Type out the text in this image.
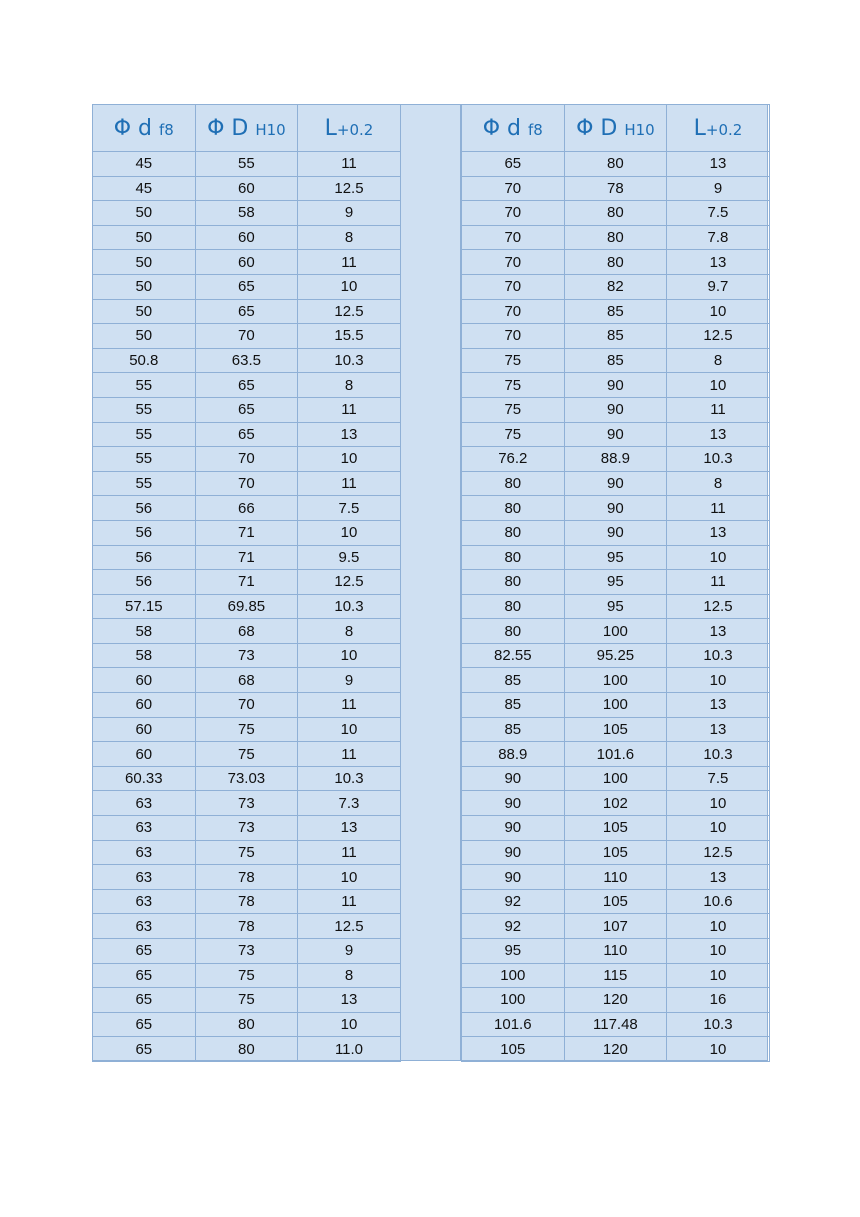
Φ d f8	Φ D H10	L+0.2
45	55	11
45	60	12.5
50	58	9
50	60	8
50	60	11
50	65	10
50	65	12.5
50	70	15.5
50.8	63.5	10.3
55	65	8
55	65	11
55	65	13
55	70	10
55	70	11
56	66	7.5
56	71	10
56	71	9.5
56	71	12.5
57.15	69.85	10.3
58	68	8
58	73	10
60	68	9
60	70	11
60	75	10
60	75	11
60.33	73.03	10.3
63	73	7.3
63	73	13
63	75	11
63	78	10
63	78	11
63	78	12.5
65	73	9
65	75	8
65	75	13
65	80	10
65	80	11.0
Φ d f8	Φ D H10	L+0.2
65	80	13
70	78	9
70	80	7.5
70	80	7.8
70	80	13
70	82	9.7
70	85	10
70	85	12.5
75	85	8
75	90	10
75	90	11
75	90	13
76.2	88.9	10.3
80	90	8
80	90	11
80	90	13
80	95	10
80	95	11
80	95	12.5
80	100	13
82.55	95.25	10.3
85	100	10
85	100	13
85	105	13
88.9	101.6	10.3
90	100	7.5
90	102	10
90	105	10
90	105	12.5
90	110	13
92	105	10.6
92	107	10
95	110	10
100	115	10
100	120	16
101.6	117.48	10.3
105	120	10
